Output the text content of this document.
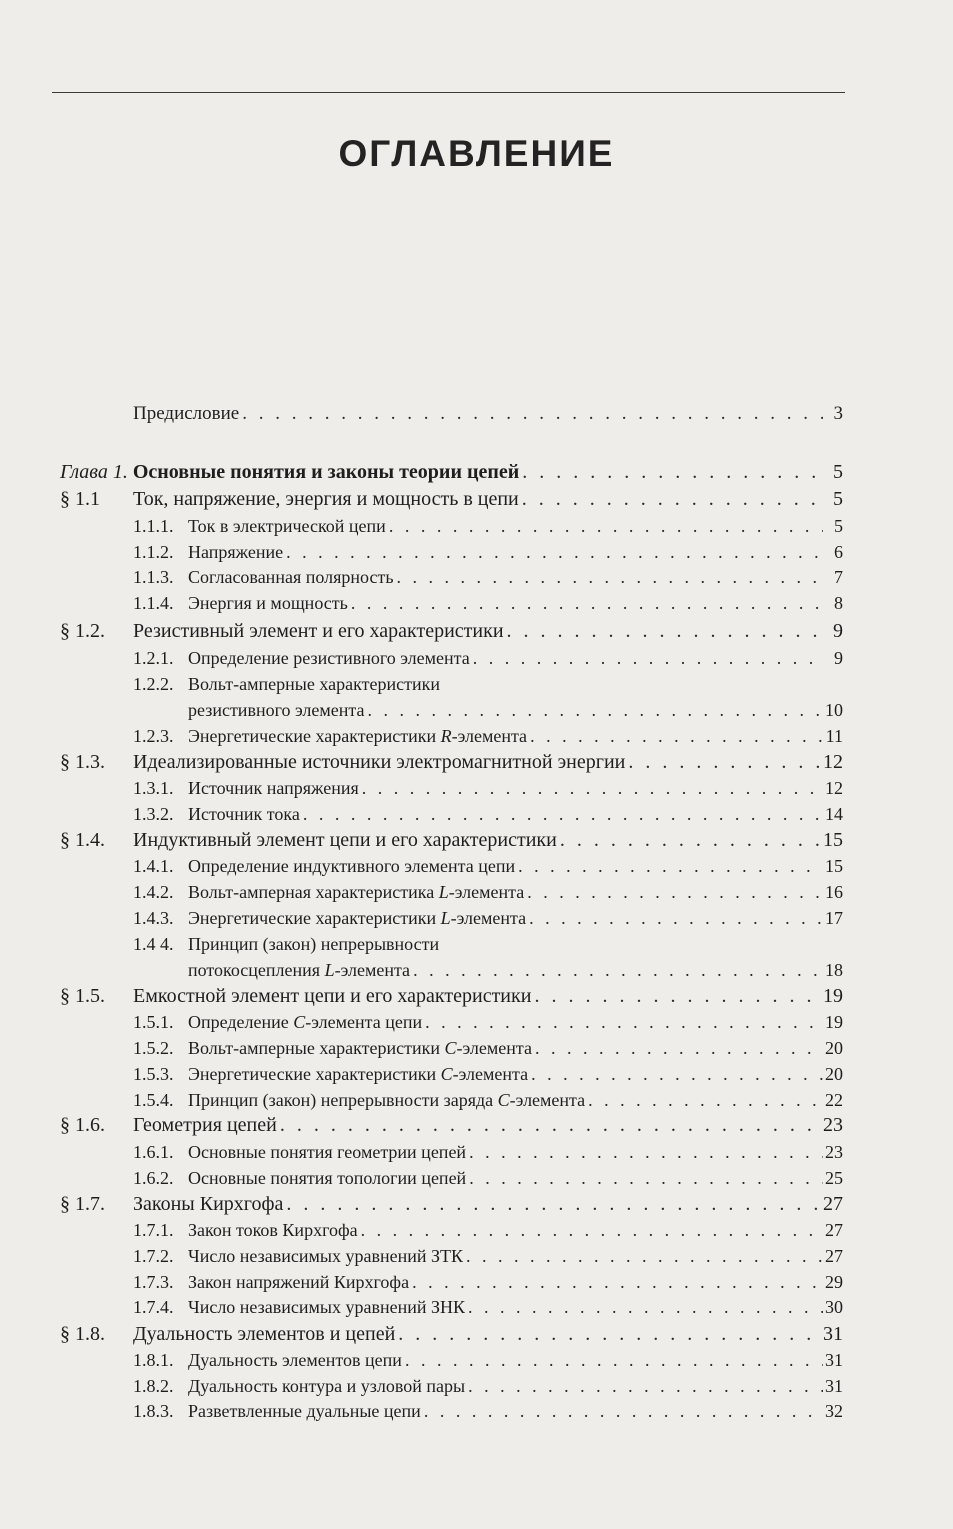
ОГЛАВЛЕНИЕ
Предисловие . . .	3
Глава 1. Основные понятия и законы теории цепей . . .	5
§ 1.1 Ток, напряжение, энергия и мощность в цепи . . .	5
1.1.1. Ток в электрической цепи . . .	5
1.1.2. Напряжение . . .	6
1.1.3. Согласованная полярность . . .	7
1.1.4. Энергия и мощность . . .	8
§ 1.2. Резистивный элемент и его характеристики . . .	9
1.2.1. Определение резистивного элемента . . .	9
1.2.2. Вольт-амперные характеристики
резистивного элемента . . .	10
1.2.3. Энергетические характеристики R-элемента . . .	11
§ 1.3. Идеализированные источники электромагнитной энергии . . .	12
1.3.1. Источник напряжения . . .	12
1.3.2. Источник тока . . .	14
§ 1.4. Индуктивный элемент цепи и его характеристики . . .	15
1.4.1. Определение индуктивного элемента цепи . . .	15
1.4.2. Вольт-амперная характеристика L-элемента . . .	16
1.4.3. Энергетические характеристики L-элемента . . .	17
1.4 4. Принцип (закон) непрерывности
потокосцепления L-элемента . . .	18
§ 1.5. Емкостной элемент цепи и его характеристики . . .	19
1.5.1. Определение C-элемента цепи . . .	19
1.5.2. Вольт-амперные характеристики C-элемента . . .	20
1.5.3. Энергетические характеристики C-элемента . . .	20
1.5.4. Принцип (закон) непрерывности заряда C-элемента . . .	22
§ 1.6. Геометрия цепей . . .	23
1.6.1. Основные понятия геометрии цепей . . .	23
1.6.2. Основные понятия топологии цепей . . .	25
§ 1.7. Законы Кирхгофа . . .	27
1.7.1. Закон токов Кирхгофа . . .	27
1.7.2. Число независимых уравнений ЗТК . . .	27
1.7.3. Закон напряжений Кирхгофа . . .	29
1.7.4. Число независимых уравнений ЗНК . . .	30
§ 1.8. Дуальность элементов и цепей . . .	31
1.8.1. Дуальность элементов цепи . . .	31
1.8.2. Дуальность контура и узловой пары . . .	31
1.8.3. Разветвленные дуальные цепи . . .	32
